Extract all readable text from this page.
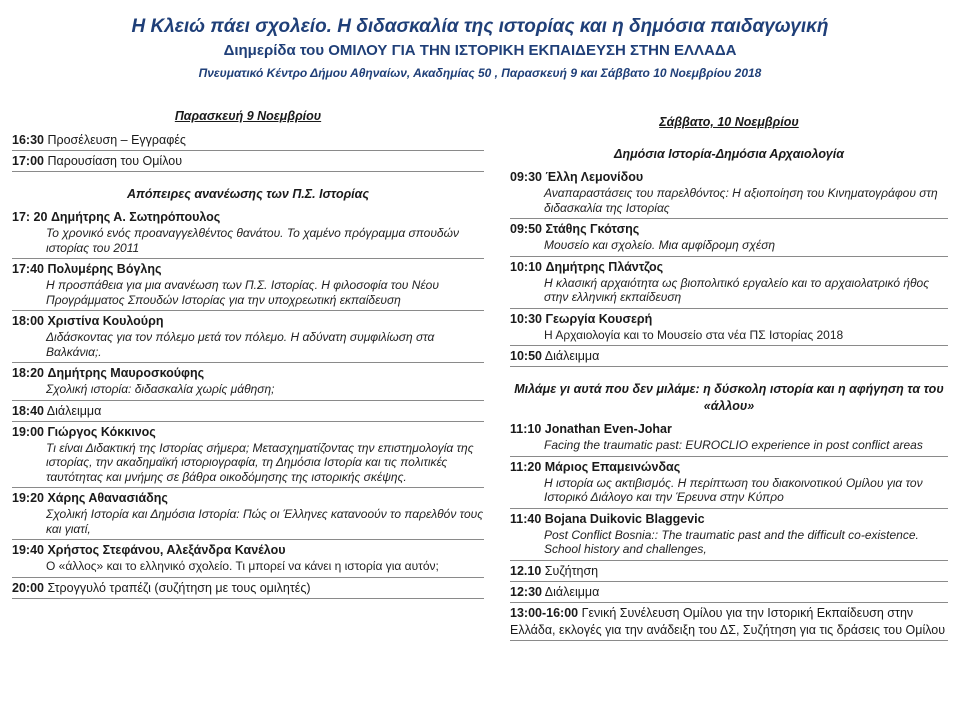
Η Κλειώ πάει σχολείο. Η διδασκαλία της ιστορίας και η δημόσια παιδαγωγική
Διημερίδα του ΟΜΙΛΟΥ ΓΙΑ ΤΗΝ ΙΣΤΟΡΙΚΗ ΕΚΠΑΙΔΕΥΣΗ ΣΤΗΝ ΕΛΛΑΔΑ
Πνευματικό Κέντρο Δήμου Αθηναίων, Ακαδημίας 50 , Παρασκευή 9 και Σάββατο 10 Νοεμβρίου 2018
Παρασκευή 9 Νοεμβρίου
16:30 Προσέλευση – Εγγραφές
17:00 Παρουσίαση του Ομίλου
Απόπειρες ανανέωσης των Π.Σ. Ιστορίας
17: 20 Δημήτρης Α. Σωτηρόπουλος
Το χρονικό ενός προαναγγελθέντος θανάτου. Το χαμένο πρόγραμμα σπουδών ιστορίας του 2011
17:40 Πολυμέρης Βόγλης
Η προσπάθεια για μια ανανέωση των Π.Σ. Ιστορίας. Η φιλοσοφία του Νέου Προγράμματος Σπουδών Ιστορίας για την υποχρεωτική εκπαίδευση
18:00 Χριστίνα Κουλούρη
Διδάσκοντας για τον πόλεμο μετά τον πόλεμο. Η αδύνατη συμφιλίωση στα Βαλκάνια;.
18:20 Δημήτρης Μαυροσκούφης
Σχολική ιστορία: διδασκαλία χωρίς μάθηση;
18:40 Διάλειμμα
19:00 Γιώργος Κόκκινος
Τι είναι Διδακτική της Ιστορίας σήμερα; Μετασχηματίζοντας την επιστημολογία της ιστορίας, την ακαδημαϊκή ιστοριογραφία, τη Δημόσια Ιστορία και τις πολιτικές ταυτότητας και μνήμης σε βάθρα οικοδόμησης της ιστορικής σκέψης.
19:20 Χάρης Αθανασιάδης
Σχολική Ιστορία και Δημόσια Ιστορία: Πώς οι Έλληνες κατανοούν το παρελθόν τους και γιατί,
19:40 Χρήστος Στεφάνου, Αλεξάνδρα Κανέλου
Ο «άλλος» και το ελληνικό σχολείο. Τι μπορεί να κάνει η ιστορία για αυτόν;
20:00 Στρογγυλό τραπέζι (συζήτηση με τους ομιλητές)
Σάββατο, 10 Νοεμβρίου
Δημόσια Ιστορία-Δημόσια Αρχαιολογία
09:30 Έλλη Λεμονίδου
Αναπαραστάσεις του παρελθόντος: Η αξιοποίηση του Κινηματογράφου στη διδασκαλία της Ιστορίας
09:50 Στάθης Γκότσης
Μουσείο και σχολείο. Μια αμφίδρομη σχέση
10:10 Δημήτρης Πλάντζος
Η κλασική αρχαιότητα ως βιοπολιτικό εργαλείο και το αρχαιολατρικό ήθος στην ελληνική εκπαίδευση
10:30 Γεωργία Κουσερή
Η Αρχαιολογία και το Μουσείο στα νέα ΠΣ Ιστορίας 2018
10:50 Διάλειμμα
Μιλάμε γι αυτά που δεν μιλάμε: η δύσκολη ιστορία και η αφήγηση τα του «άλλου»
11:10 Jonathan Even-Johar
Facing the traumatic past: EUROCLIO experience in post conflict areas
11:20 Μάριος Επαμεινώνδας
Η ιστορία ως ακτιβισμός. Η περίπτωση του διακοινοτικού Ομίλου για τον Ιστορικό Διάλογο και την Έρευνα στην Κύπρο
11:40 Bojana Duikovic Blaggevic
Post Conflict Bosnia:: The traumatic past and the difficult co-existence. School history and challenges,
12.10 Συζήτηση
12:30 Διάλειμμα
13:00-16:00 Γενική Συνέλευση Ομίλου για την Ιστορική Εκπαίδευση στην Ελλάδα, εκλογές για την ανάδειξη του ΔΣ, Συζήτηση για τις δράσεις του Ομίλου
